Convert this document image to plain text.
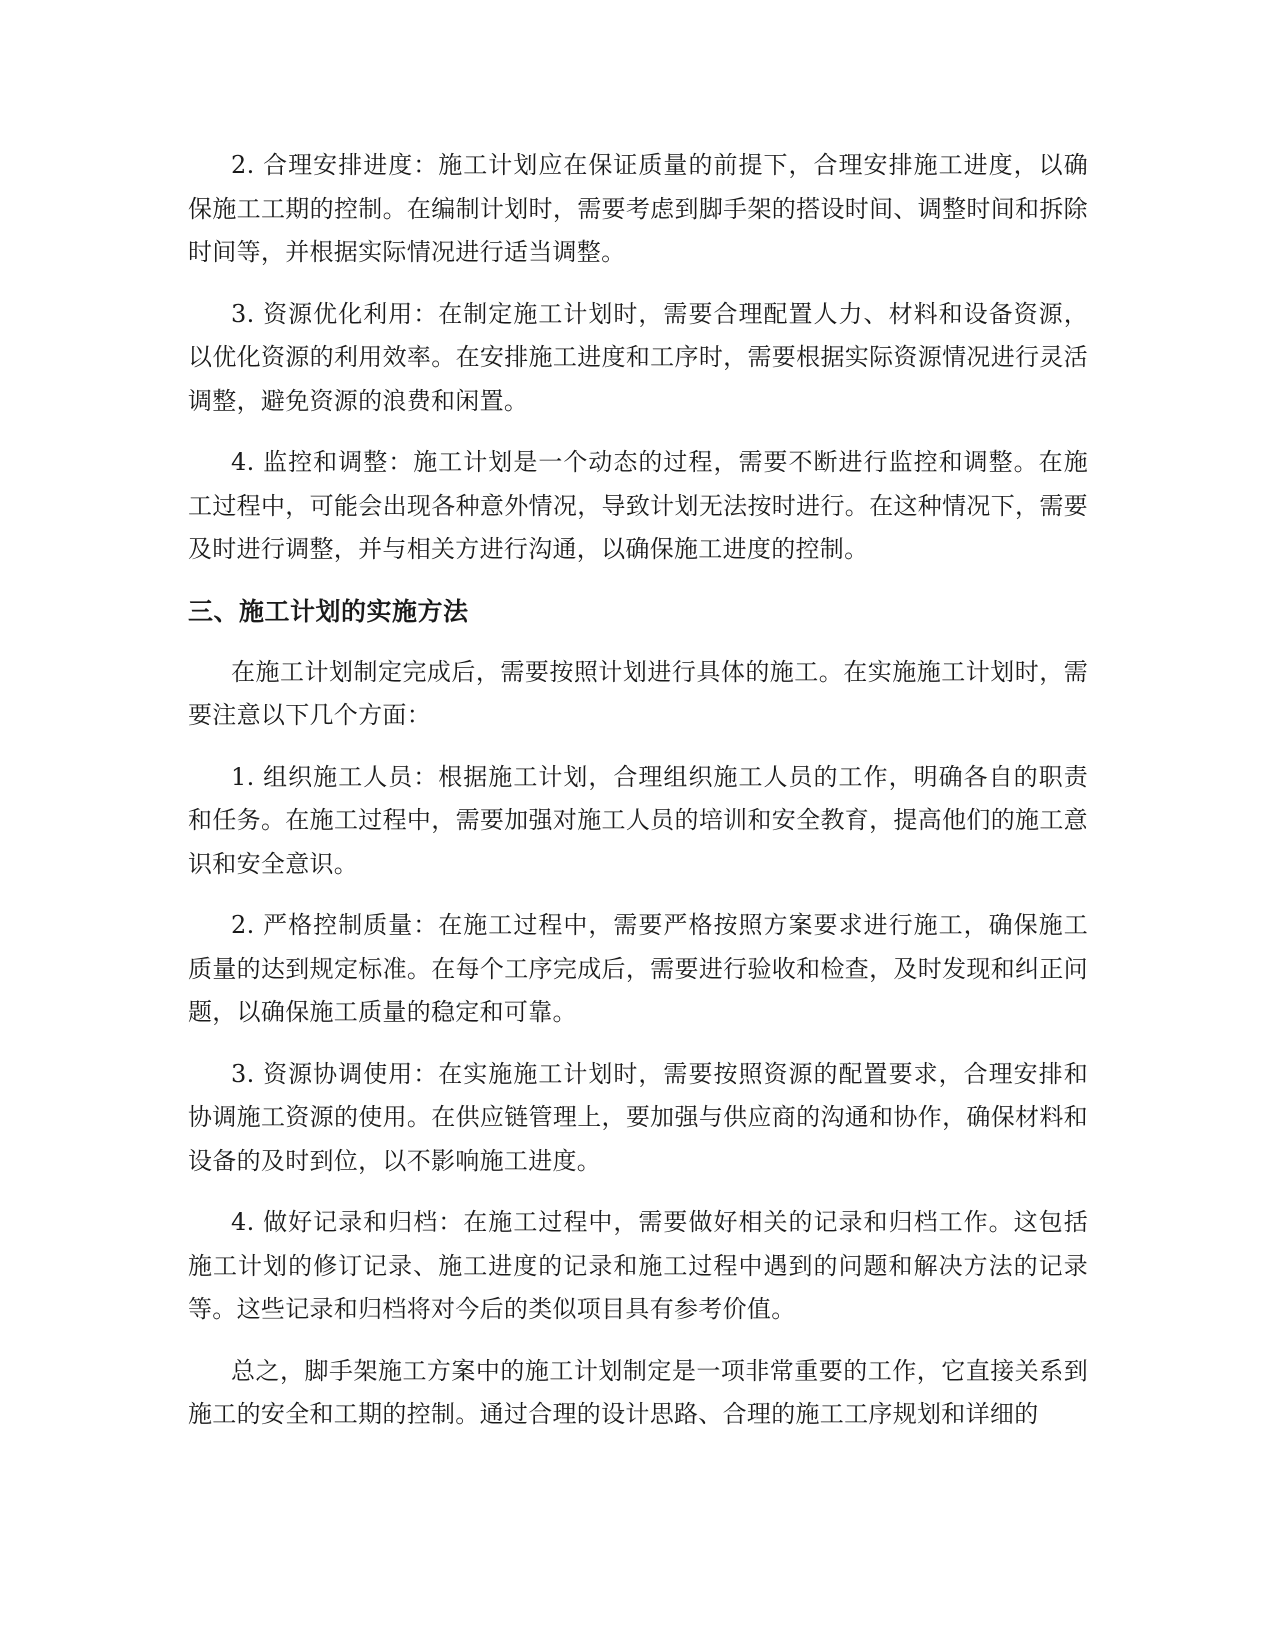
2. 合理安排进度：施工计划应在保证质量的前提下，合理安排施工进度，以确保施工工期的控制。在编制计划时，需要考虑到脚手架的搭设时间、调整时间和拆除时间等，并根据实际情况进行适当调整。

3. 资源优化利用：在制定施工计划时，需要合理配置人力、材料和设备资源，以优化资源的利用效率。在安排施工进度和工序时，需要根据实际资源情况进行灵活调整，避免资源的浪费和闲置。

4. 监控和调整：施工计划是一个动态的过程，需要不断进行监控和调整。在施工过程中，可能会出现各种意外情况，导致计划无法按时进行。在这种情况下，需要及时进行调整，并与相关方进行沟通，以确保施工进度的控制。

三、施工计划的实施方法

在施工计划制定完成后，需要按照计划进行具体的施工。在实施施工计划时，需要注意以下几个方面：

1. 组织施工人员：根据施工计划，合理组织施工人员的工作，明确各自的职责和任务。在施工过程中，需要加强对施工人员的培训和安全教育，提高他们的施工意识和安全意识。

2. 严格控制质量：在施工过程中，需要严格按照方案要求进行施工，确保施工质量的达到规定标准。在每个工序完成后，需要进行验收和检查，及时发现和纠正问题，以确保施工质量的稳定和可靠。

3. 资源协调使用：在实施施工计划时，需要按照资源的配置要求，合理安排和协调施工资源的使用。在供应链管理上，要加强与供应商的沟通和协作，确保材料和设备的及时到位，以不影响施工进度。

4. 做好记录和归档：在施工过程中，需要做好相关的记录和归档工作。这包括施工计划的修订记录、施工进度的记录和施工过程中遇到的问题和解决方法的记录等。这些记录和归档将对今后的类似项目具有参考价值。

总之，脚手架施工方案中的施工计划制定是一项非常重要的工作，它直接关系到施工的安全和工期的控制。通过合理的设计思路、合理的施工工序规划和详细的
